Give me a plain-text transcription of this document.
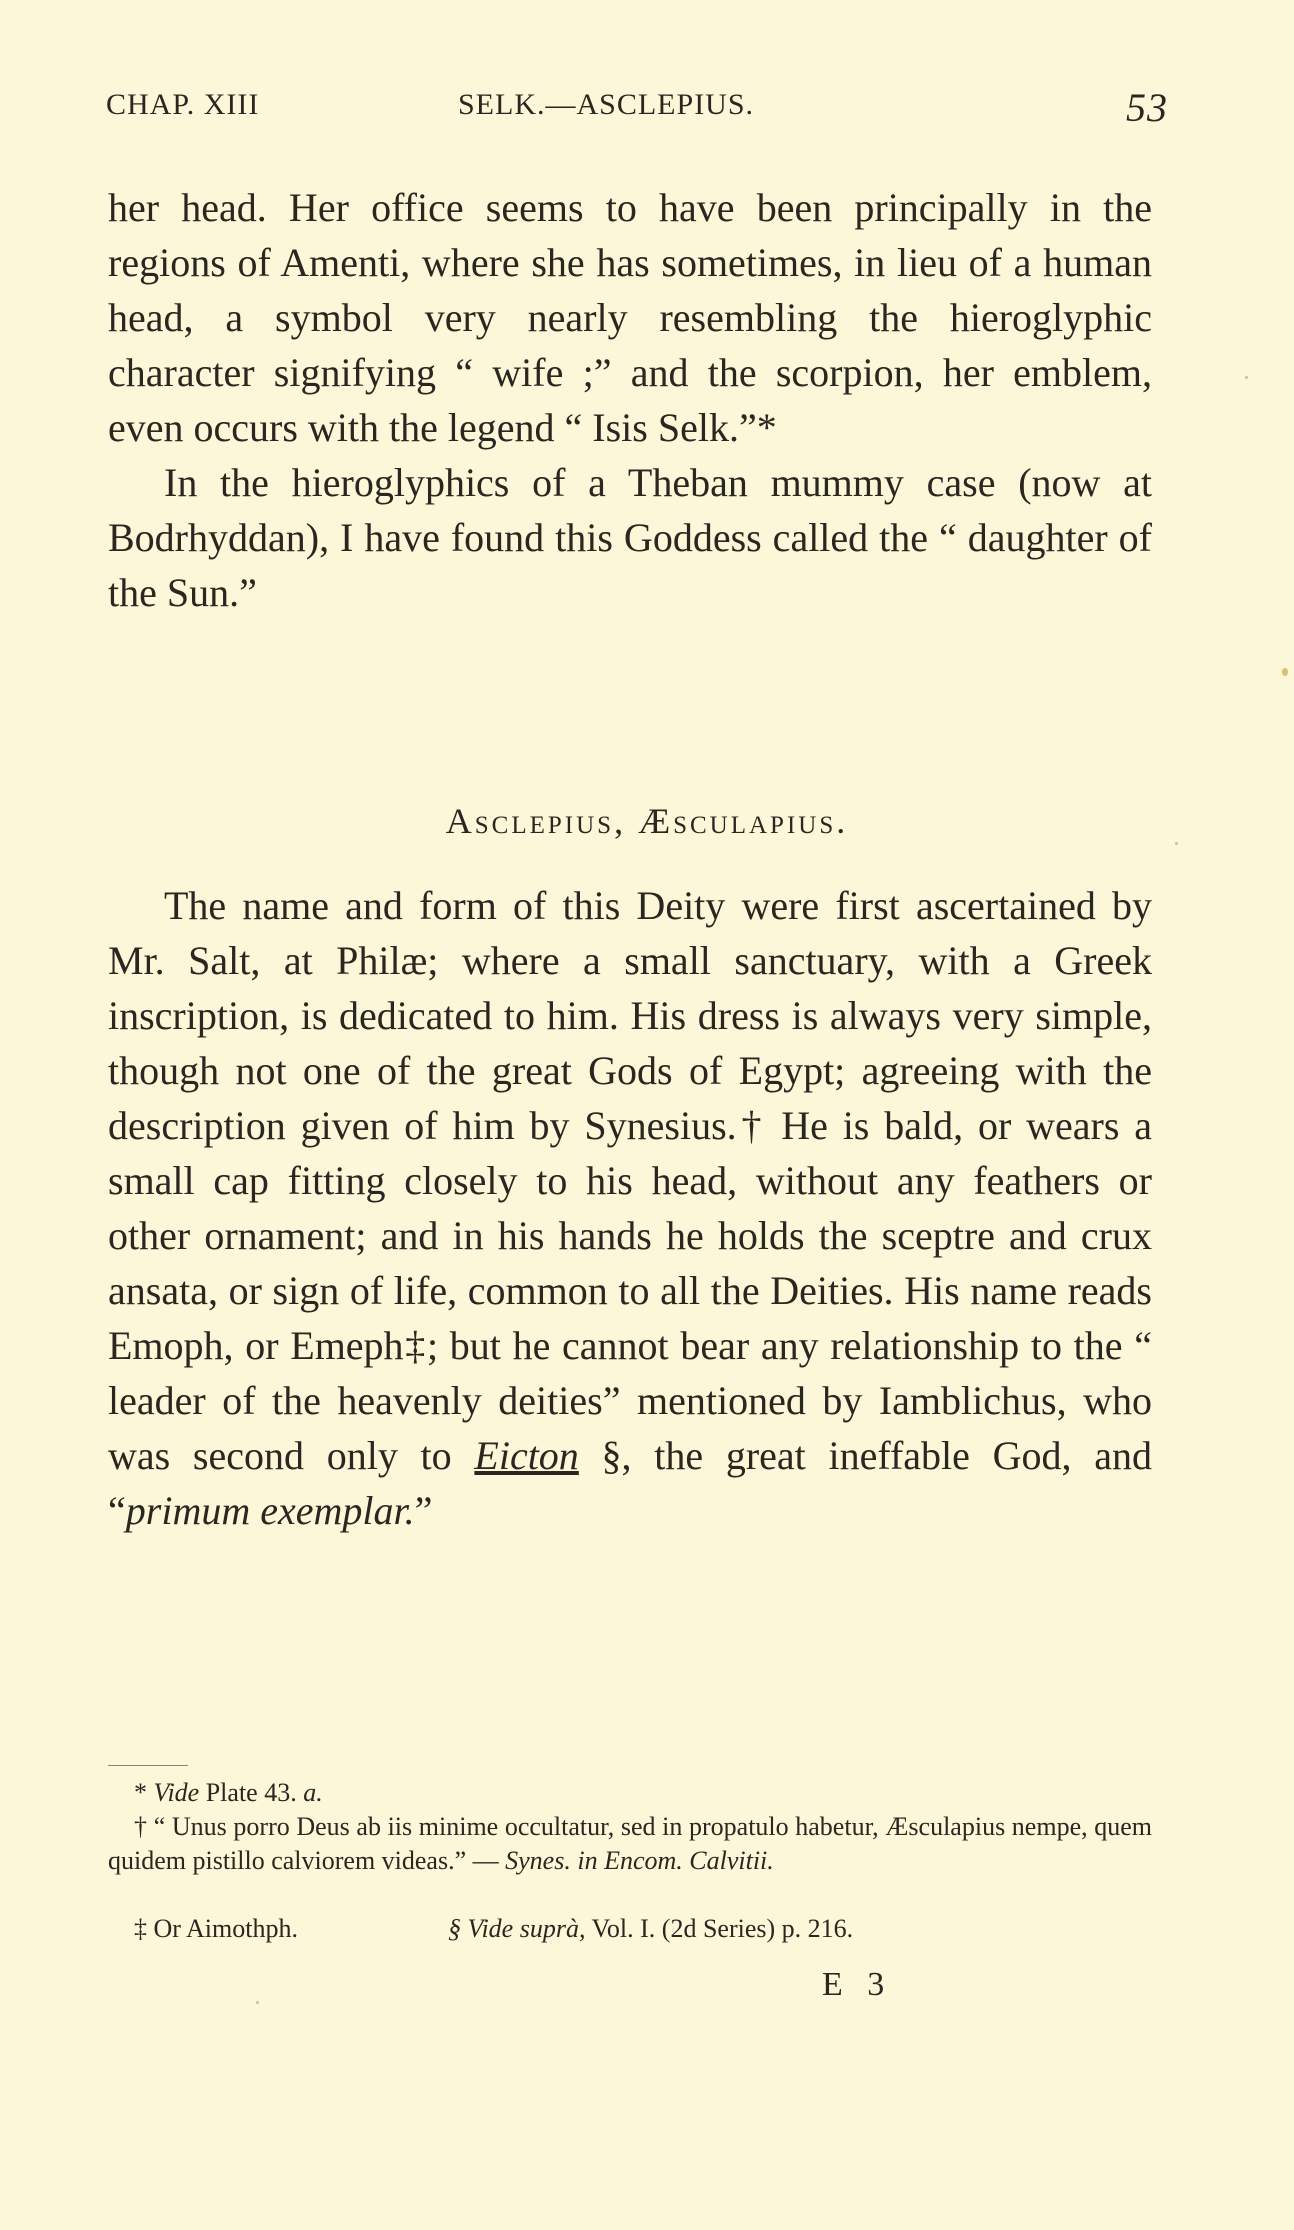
CHAP. XIII	SELK.—ASCLEPIUS.	53

her head. Her office seems to have been principally in the regions of Amenti, where she has sometimes, in lieu of a human head, a symbol very nearly resembling the hieroglyphic character signifying “ wife ;” and the scorpion, her emblem, even occurs with the legend “ Isis Selk.”*

In the hieroglyphics of a Theban mummy case (now at Bodrhyddan), I have found this Goddess called the “ daughter of the Sun.”

Asclepius, Æsculapius.

The name and form of this Deity were first ascertained by Mr. Salt, at Philæ; where a small sanctuary, with a Greek inscription, is dedicated to him. His dress is always very simple, though not one of the great Gods of Egypt; agreeing with the description given of him by Synesius.† He is bald, or wears a small cap fitting closely to his head, without any feathers or other ornament; and in his hands he holds the sceptre and crux ansata, or sign of life, common to all the Deities. His name reads Emoph, or Emeph‡; but he cannot bear any relationship to the “ leader of the heavenly deities” mentioned by Iamblichus, who was second only to Eicton §, the great ineffable God, and “primum exemplar.”

* Vide Plate 43. a.

† “ Unus porro Deus ab iis minime occultatur, sed in propatulo habetur, Æsculapius nempe, quem quidem pistillo calviorem videas.” — Synes. in Encom. Calvitii.

‡ Or Aimothph.	§ Vide suprà, Vol. I. (2d Series) p. 216.
E 3
